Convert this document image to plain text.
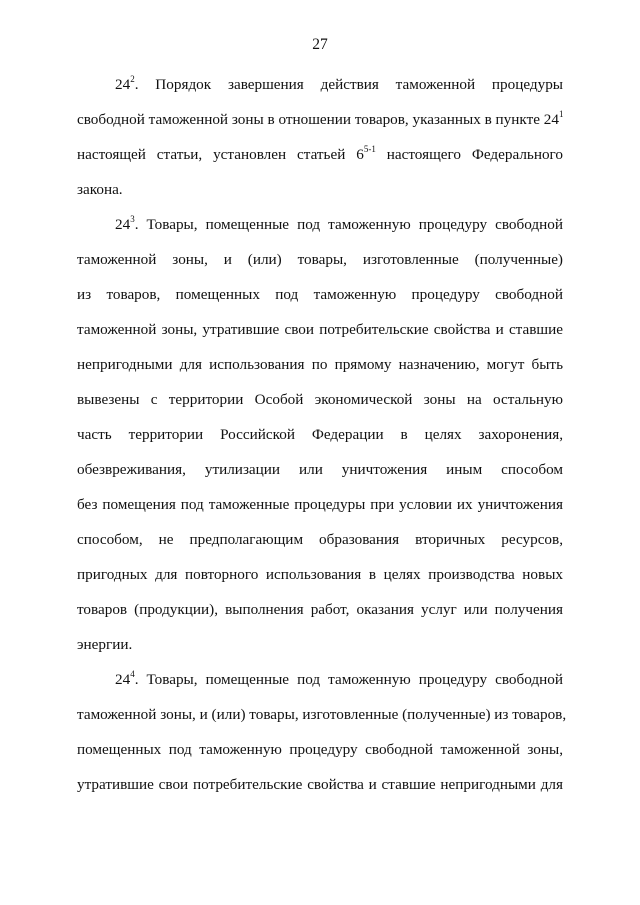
27
$24^2$. Порядок завершения действия таможенной процедуры
свободной таможенной зоны в отношении товаров, указанных в пункте $24^1$
настоящей статьи, установлен статьей 6$^{5-1}$ настоящего Федерального
закона.
$24^3$. Товары, помещенные под таможенную процедуру свободной
таможенной зоны, и (или) товары, изготовленные (полученные)
из товаров, помещенных под таможенную процедуру свободной
таможенной зоны, утратившие свои потребительские свойства и ставшие
непригодными для использования по прямому назначению, могут быть
вывезены с территории Особой экономической зоны на остальную
часть территории Российской Федерации в целях захоронения,
обезвреживания, утилизации или уничтожения иным способом
без помещения под таможенные процедуры при условии их уничтожения
способом, не предполагающим образования вторичных ресурсов,
пригодных для повторного использования в целях производства новых
товаров (продукции), выполнения работ, оказания услуг или получения
энергии.
$24^4$. Товары, помещенные под таможенную процедуру свободной
таможенной зоны, и (или) товары, изготовленные (полученные) из товаров,
помещенных под таможенную процедуру свободной таможенной зоны,
утратившие свои потребительские свойства и ставшие непригодными для
